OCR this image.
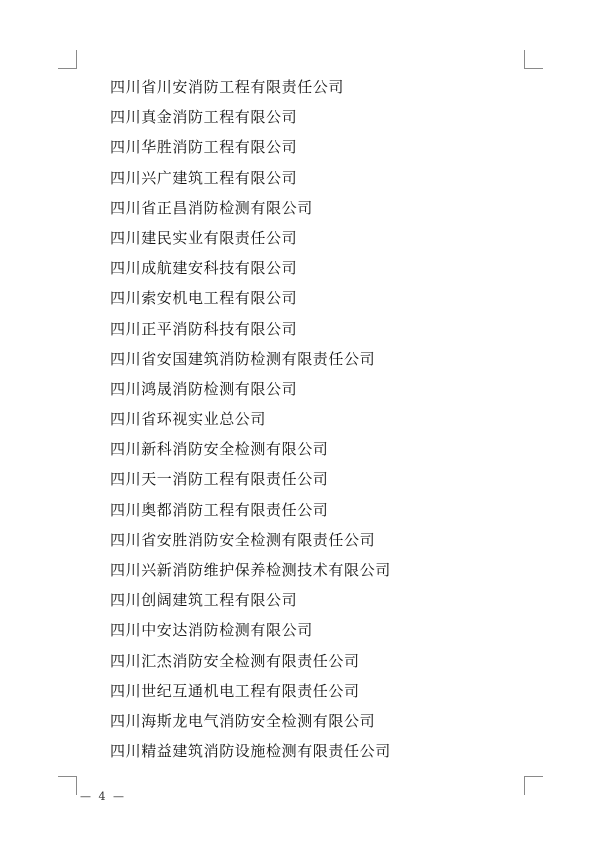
四川省川安消防工程有限责任公司
四川真金消防工程有限公司
四川华胜消防工程有限公司
四川兴广建筑工程有限公司
四川省正昌消防检测有限公司
四川建民实业有限责任公司
四川成航建安科技有限公司
四川索安机电工程有限公司
四川正平消防科技有限公司
四川省安国建筑消防检测有限责任公司
四川鸿晟消防检测有限公司
四川省环视实业总公司
四川新科消防安全检测有限公司
四川天一消防工程有限责任公司
四川奥都消防工程有限责任公司
四川省安胜消防安全检测有限责任公司
四川兴新消防维护保养检测技术有限公司
四川创阔建筑工程有限公司
四川中安达消防检测有限公司
四川汇杰消防安全检测有限责任公司
四川世纪互通机电工程有限责任公司
四川海斯龙电气消防安全检测有限公司
四川精益建筑消防设施检测有限责任公司
— 4 —
